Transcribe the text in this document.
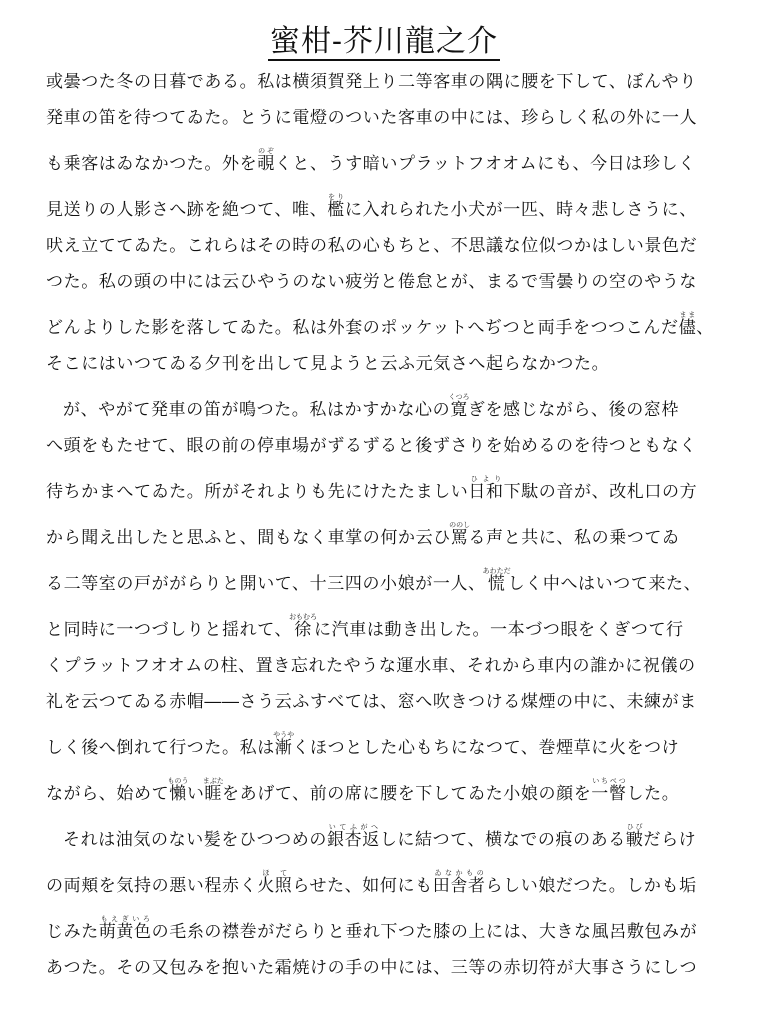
蜜柑-芥川龍之介
或曇つた冬の日暮である。私は横須賀発上り二等客車の隅に腰を下して、ぼんやり
発車の笛を待つてゐた。とうに電燈のついた客車の中には、珍らしく私の外に一人
も乗客はゐなかつた。外を覗のぞくと、うす暗いプラットフオオムにも、今日は珍しく
見送りの人影さへ跡を絶つて、唯、檻をりに入れられた小犬が一匹、時々悲しさうに、
吠え立ててゐた。これらはその時の私の心もちと、不思議な位似つかはしい景色だ
つた。私の頭の中には云ひやうのない疲労と倦怠とが、まるで雪曇りの空のやうな
どんよりした影を落してゐた。私は外套のポッケットへぢつと両手をつつこんだ儘まま、
そこにはいつてゐる夕刊を出して見ようと云ふ元気さへ起らなかつた。
が、やがて発車の笛が鳴つた。私はかすかな心の寛くつろぎを感じながら、後の窓枠
へ頭をもたせて、眼の前の停車場がずるずると後ずさりを始めるのを待つともなく
待ちかまへてゐた。所がそれよりも先にけたたましい日和ひより下駄の音が、改札口の方
から聞え出したと思ふと、間もなく車掌の何か云ひ罵ののしる声と共に、私の乗つてゐ
る二等室の戸ががらりと開いて、十三四の小娘が一人、慌あわただしく中へはいつて来た、
と同時に一つづしりと揺れて、徐おもむろに汽車は動き出した。一本づつ眼をくぎつて行
くプラットフオオムの柱、置き忘れたやうな運水車、それから車内の誰かに祝儀の
礼を云つてゐる赤帽――さう云ふすべては、窓へ吹きつける煤煙の中に、未練がま
しく後へ倒れて行つた。私は漸やうやくほつとした心もちになつて、巻煙草に火をつけ
ながら、始めて懶ものうい睚まぶたをあげて、前の席に腰を下してゐた小娘の顔を一瞥いちべつした。
それは油気のない髪をひつつめの銀杏返いてふがへしに結つて、横なでの痕のある皸ひびだらけ
の両頬を気持の悪い程赤く火照ほてらせた、如何にも田舎者ゐなかものらしい娘だつた。しかも垢
じみた萌黄色もえぎいろの毛糸の襟巻がだらりと垂れ下つた膝の上には、大きな風呂敷包みが
あつた。その又包みを抱いた霜焼けの手の中には、三等の赤切符が大事さうにしつ
